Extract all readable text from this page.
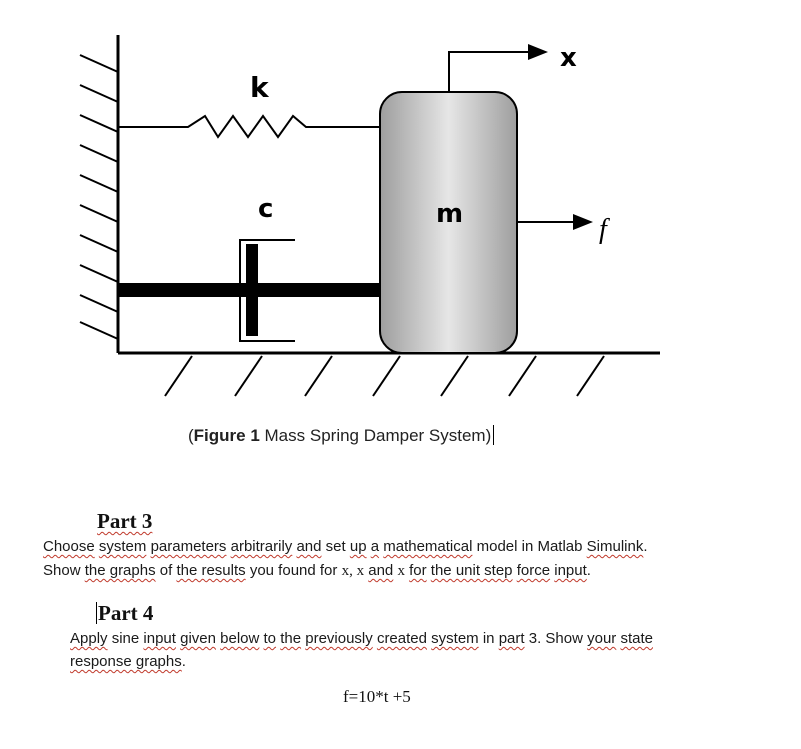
k
c	m
x
f
(Figure 1 Mass Spring Damper System)
Part 3
Choose system parameters arbitrarily and set up a mathematical model in Matlab Simulink.
Show the graphs of the results you found for x, x and x for the unit step force input.
Part 4
Apply sine input given below to the previously created system in part 3. Show your state
response graphs.
f=10*t +5
